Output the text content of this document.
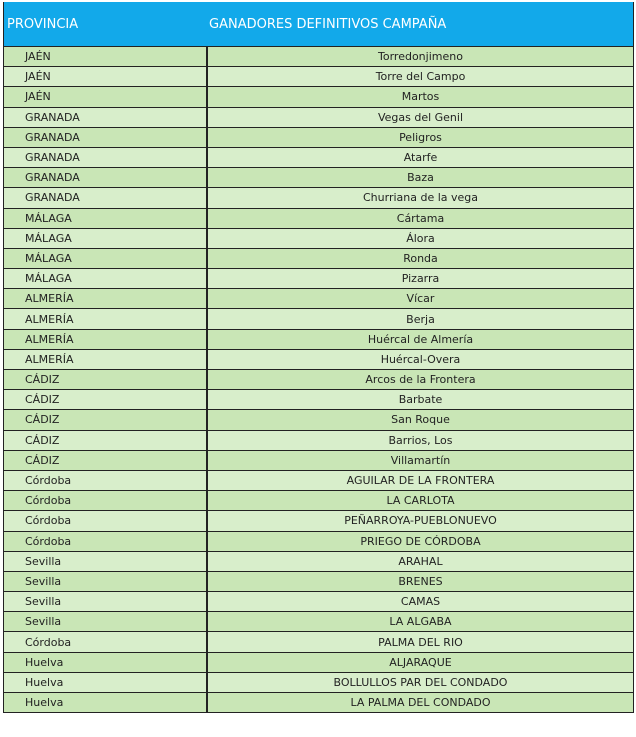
PROVINCIA	GANADORES DEFINITIVOS CAMPAÑA
JAÉN	Torredonjimeno
JAÉN	Torre del Campo
JAÉN	Martos
GRANADA	Vegas del Genil
GRANADA	Peligros
GRANADA	Atarfe
GRANADA	Baza
GRANADA	Churriana de la vega
MÁLAGA	Cártama
MÁLAGA	Álora
MÁLAGA	Ronda
MÁLAGA	Pizarra
ALMERÍA	Vícar
ALMERÍA	Berja
ALMERÍA	Huércal de Almería
ALMERÍA	Huércal-Overa
CÁDIZ	Arcos de la Frontera
CÁDIZ	Barbate
CÁDIZ	San Roque
CÁDIZ	Barrios, Los
CÁDIZ	Villamartín
Córdoba	AGUILAR DE LA FRONTERA
Córdoba	LA CARLOTA
Córdoba	PEÑARROYA-PUEBLONUEVO
Córdoba	PRIEGO DE CÓRDOBA
Sevilla	ARAHAL
Sevilla	BRENES
Sevilla	CAMAS
Sevilla	LA ALGABA
Córdoba	PALMA DEL RIO
Huelva	ALJARAQUE
Huelva	BOLLULLOS PAR DEL CONDADO
Huelva	LA PALMA DEL CONDADO
